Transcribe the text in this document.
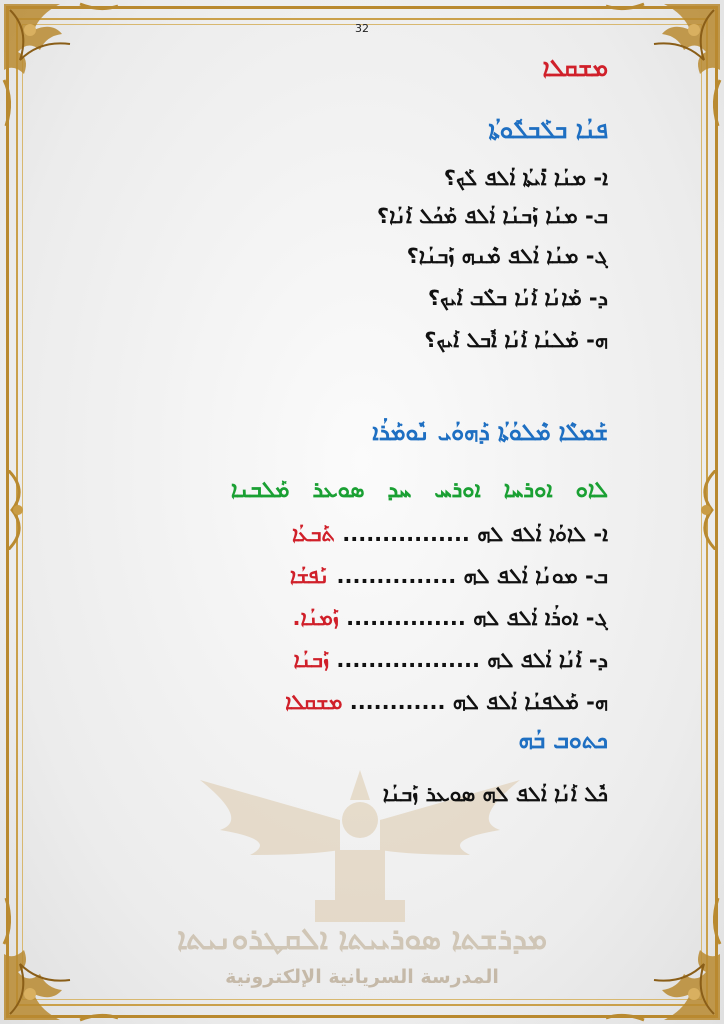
32
ܡܫܩܠܐ
ܦܢܳܐ ܒܠܰܒܠܽܘܬܳܐ
ܐ- ܡܢܳܐ ܐܺܝܬܳܐ ܐܳܠܦ ܠܰܟ؟
ܒ- ܡܢܳܐ ܙܰܒܢܳܐ ܐܳܠܦ ܡܰܟܳܠ ܐܰܢܳܐ؟
ܓ- ܡܢܳܐ ܐܳܠܦ ܡܶܢܗ ܙܰܒܢܳܐ؟
ܕ- ܡܰܐܢܳܐ ܐܰܢܳܐ ܒܠܶܒ ܐܰܝܟ؟
ܗ- ܡܰܠܢܳܐ ܐܰܢܳܐ ܐܽܒܠ ܐܰܝܟ؟
ܫܰܡܠܶܐ ܡܶܠܘܳܬܳܐ ܕܰܗܘܳܝ ܢܽܘܡܰܪܳܐ
ܠܐܘ   ܐܘܪܚܐ   ܐܘܪܚ   ܚܕ   ܣܘܥܪ   ܡܰܠܒܢܐ
ܐ- ܠܐܘܳܐ ܐܳܠܦ ܠܗ ................ ܬܰܒܥܳܐ
ܒ- ܡܘܢܳܐ ܐܳܠܦ ܠܗ ............... ܢܰܦܫܳܐ
ܓ- ܐܘܪܳܐ ܐܳܠܦ ܠܗ ............... ܙܰܡܢܳܐ.
ܕ- ܐܰܢܳܐ ܐܳܠܦ ܠܗ .................. ܙܰܒܢܳܐ
ܗ- ܡܰܠܦܢܳܐ ܐܳܠܦ ܠܗ ............ ܡܫܩܠܐ
ܟܬܘܒ ܒܳܗ
ܟܽܠ ܐܰܢܳܐ ܐܳܠܦ ܠܗ ܣܘܥܪ ܙܰܒܢܳܐ
ܡܕܪܫܬܐ ܣܘܪܝܝܬܐ ܐܠܩܛܪܘܢܝܬܐ
المدرسة السريانية الإلكترونية
